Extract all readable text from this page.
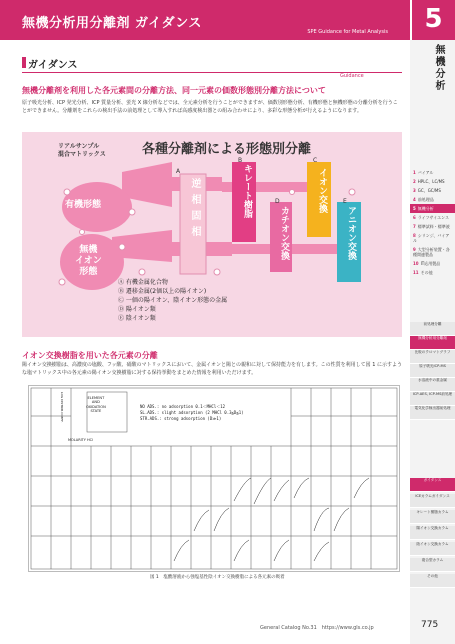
無機分析用分離剤 ガイダンス
SPE Guidance for Metal Analysis	5
無機分析
ガイダンス
Guidance
無機分離剤を利用した各元素間の分離方法、同一元素の価数形態別分離方法について
原子吸光分析、ICP 発光分析、ICP 質量分析、蛍光 X 線分析などでは、全元素分析を行うことができますが、価数別形態分析、有機形態と無機形態の分離分析を行うことができません。分離剤をこれらの検出手法の前処理として導入すれば高感度検出器との組み合わせにより、多彩な形態分析が行えるようになります。
リアルサンプル
混合マトリックス	各種分離剤による形態別分離
有機形態
無機
イオン
形態
逆相固相	キレート樹脂	イオン交換
カチオン交換	アニオン交換
A
B	C
D	E
Ⓐ 有機金属化合物
Ⓑ 遷移金属(2価以上の陽イオン)
Ⓒ 一価の陽イオン、陰イオン形態の金属
Ⓓ 陽イオン類
Ⓔ 陰イオン類
イオン交換樹脂を用いた各元素の分離
陽イオン交換樹脂は、高濃度の塩酸、フッ酸、硝酸のマトリックスにおいて、金属イオンと陽との親和に対して保持能力を有します。この性質を利用して図 1 に示すような塩マトリックス中の各元素の陽イオン交換樹脂に対する保持挙動をまとめた情報を利用いただけます。
ELEMENT
AND
OXIDATION
STATE
MOLARITY HCl
LOG DISTRIB.COEFF.	NO ADS.: no adsorption 0.1＜MHCl＜12
SL.ADS.: slight adsorption (2 MHCl 0.3≦D≦1)
STR.ADS.: strong adsorption (D≫1)
図 1　塩酸溶液から強塩基性陰イオン交換樹脂による各元素の吸着
1 バイアル
2 HPLC、LC/MS
3 GC、GC/MS
4 前処理品
5 無機分析
6 ライフサイエンス
7 標準試料・標準液
8 シリンジ、バイアル
9 大型分析装置・各種関連製品
10 IT応用製品
11 その他
前処理分離
無機分析用分離剤
比較のクロマトグラフ
原子吸光ICP-MS
水溶液中の重金属
ICP-AES, ICP-MS前処理
電気化学検出器前処理
ガイダンス
ICEカラムガイダンス
キレート樹脂カラム
陽イオン交換カラム
陰イオン交換カラム
複合型カラム
その他
General Catalog No.31　https://www.gls.co.jp	775
